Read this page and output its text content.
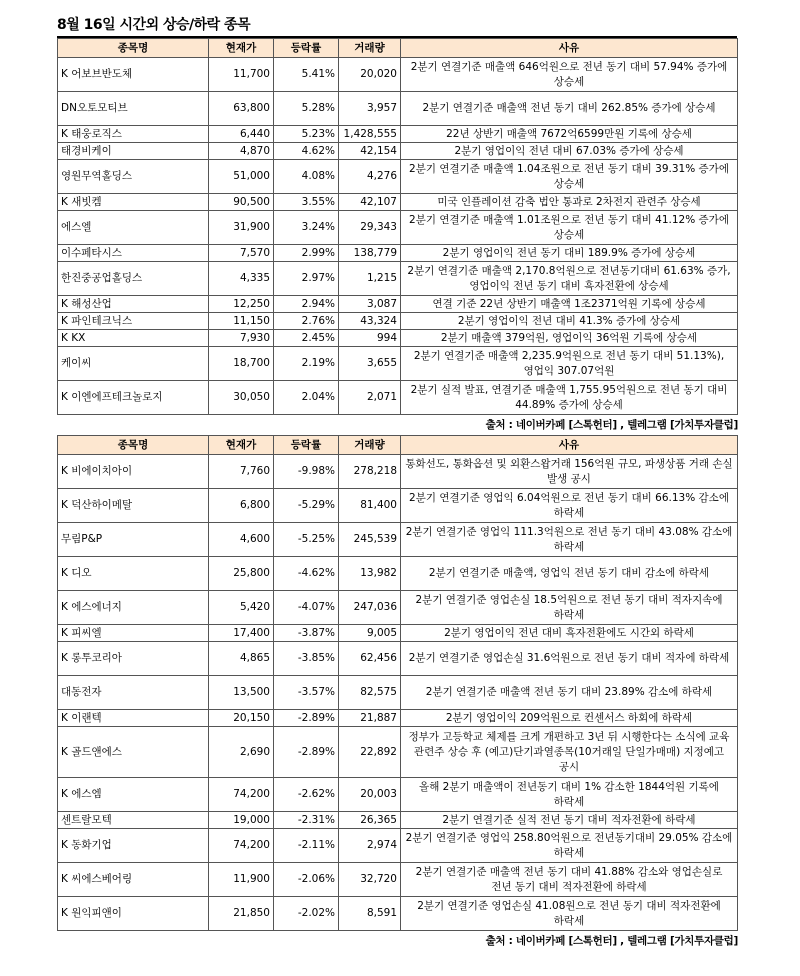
8월 16일 시간외 상승/하락 종목
종목명	현재가	등락률	거래량	사유
K 어보브반도체	11,700	5.41%	20,020	2분기 연결기준 매출액 646억원으로 전년 동기 대비 57.94% 증가에 상승세
DN오토모티브	63,800	5.28%	3,957	2분기 연결기준 매출액 전년 동기 대비 262.85% 증가에 상승세
K 태웅로직스	6,440	5.23%	1,428,555	22년 상반기 매출액 7672억6599만원 기록에 상승세
태경비케이	4,870	4.62%	42,154	2분기 영업이익 전년 대비 67.03% 증가에 상승세
영원무역홀딩스	51,000	4.08%	4,276	2분기 연결기준 매출액 1.04조원으로 전년 동기 대비 39.31% 증가에 상승세
K 새빗켐	90,500	3.55%	42,107	미국 인플레이션 감축 법안 통과로 2차전지 관련주 상승세
에스엘	31,900	3.24%	29,343	2분기 연결기준 매출액 1.01조원으로 전년 동기 대비 41.12% 증가에 상승세
이수페타시스	7,570	2.99%	138,779	2분기 영업이익 전년 동기 대비 189.9% 증가에 상승세
한진중공업홀딩스	4,335	2.97%	1,215	2분기 연결기준 매출액 2,170.8억원으로 전년동기대비 61.63% 증가, 영업이익 전년 동기 대비 흑자전환에 상승세
K 해성산업	12,250	2.94%	3,087	연결 기준 22년 상반기 매출액 1조2371억원 기록에 상승세
K 파인테크닉스	11,150	2.76%	43,324	2분기 영업이익 전년 대비 41.3% 증가에 상승세
K KX	7,930	2.45%	994	2분기 매출액 379억원, 영업이익 36억원 기록에 상승세
케이씨	18,700	2.19%	3,655	2분기 연결기준 매출액 2,235.9억원으로 전년 동기 대비 51.13%), 영업익 307.07억원
K 이엔에프테크놀로지	30,050	2.04%	2,071	2분기 실적 발표, 연결기준 매출액 1,755.95억원으로 전년 동기 대비 44.89% 증가에 상승세
출처 : 네이버카페 [스톡헌터] , 텔레그램 [가치투자클럽]
종목명	현재가	등락률	거래량	사유
K 비에이치아이	7,760	-9.98%	278,218	통화선도, 통화옵션 및 외환스왑거래 156억원 규모, 파생상품 거래 손실 발생 공시
K 덕산하이메탈	6,800	-5.29%	81,400	2분기 연결기준 영업익 6.04억원으로 전년 동기 대비 66.13% 감소에 하락세
무림P&P	4,600	-5.25%	245,539	2분기 연결기준 영업익 111.3억원으로 전년 동기 대비 43.08% 감소에 하락세
K 디오	25,800	-4.62%	13,982	2분기 연결기준 매출액, 영업익 전년 동기 대비 감소에 하락세
K 에스에너지	5,420	-4.07%	247,036	2분기 연결기준 영업손실 18.5억원으로 전년 동기 대비 적자지속에 하락세
K 피씨엘	17,400	-3.87%	9,005	2분기 영업이익 전년 대비 흑자전환에도 시간외 하락세
K 롱투코리아	4,865	-3.85%	62,456	2분기 연결기준 영업손실 31.6억원으로 전년 동기 대비 적자에 하락세
대동전자	13,500	-3.57%	82,575	2분기 연결기준 매출액 전년 동기 대비 23.89% 감소에 하락세
K 이랜텍	20,150	-2.89%	21,887	2분기 영업이익 209억원으로 컨센서스 하회에 하락세
K 골드앤에스	2,690	-2.89%	22,892	정부가 고등학교 체제를 크게 개편하고 3년 뒤 시행한다는 소식에 교육 관련주 상승 후 (예고)단기과열종목(10거래일 단일가매매) 지정예고 공시
K 에스엠	74,200	-2.62%	20,003	올해 2분기 매출액이 전년동기 대비 1% 감소한 1844억원 기록에 하락세
센트랄모텍	19,000	-2.31%	26,365	2분기 연결기준 실적 전년 동기 대비 적자전환에 하락세
K 동화기업	74,200	-2.11%	2,974	2분기 연결기준 영업익 258.80억원으로 전년동기대비 29.05% 감소에 하락세
K 씨에스베어링	11,900	-2.06%	32,720	2분기 연결기준 매출액 전년 동기 대비 41.88% 감소와 영업손실로 전년 동기 대비 적자전환에 하락세
K 원익피앤이	21,850	-2.02%	8,591	2분기 연결기준 영업손실 41.08원으로 전년 동기 대비 적자전환에 하락세
출처 : 네이버카페 [스톡헌터] , 텔레그램 [가치투자클럽]
